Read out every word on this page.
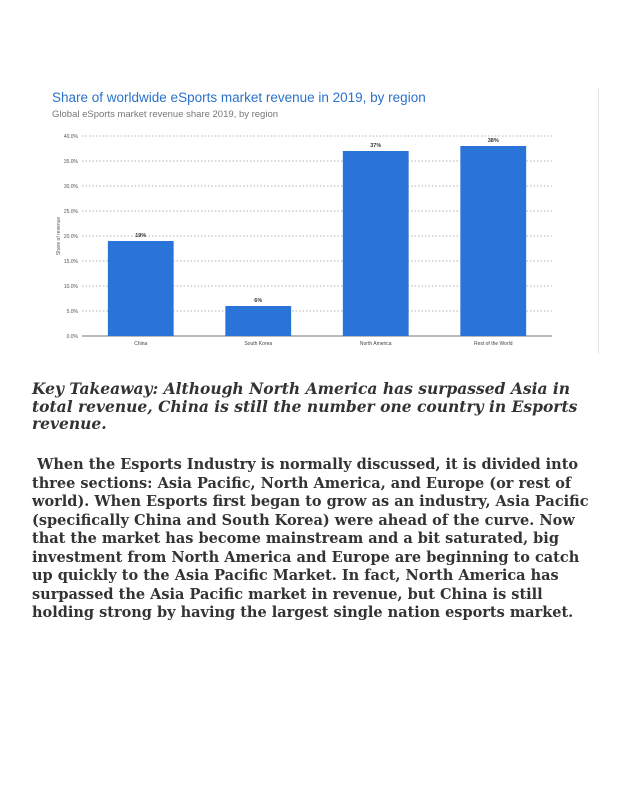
Share of worldwide eSports market revenue in 2019, by region
Global eSports market revenue share 2019, by region
0.0%
5.0%
10.0%
15.0%
20.0%
25.0%
30.0%
35.0%
40.0%
Share of revenue	19%
China
6%
South Korea
37%
North America
38%
Rest of the World

Key Takeaway: Although North America has surpassed Asia in total revenue, China is still the number one country in Esports revenue.

When the Esports Industry is normally discussed, it is divided into three sections: Asia Pacific, North America, and Europe (or rest of world). When Esports first began to grow as an industry, Asia Pacific (specifically China and South Korea) were ahead of the curve. Now that the market has become mainstream and a bit saturated, big investment from North America and Europe are beginning to catch up quickly to the Asia Pacific Market. In fact, North America has surpassed the Asia Pacific market in revenue, but China is still holding strong by having the largest single nation esports market.
